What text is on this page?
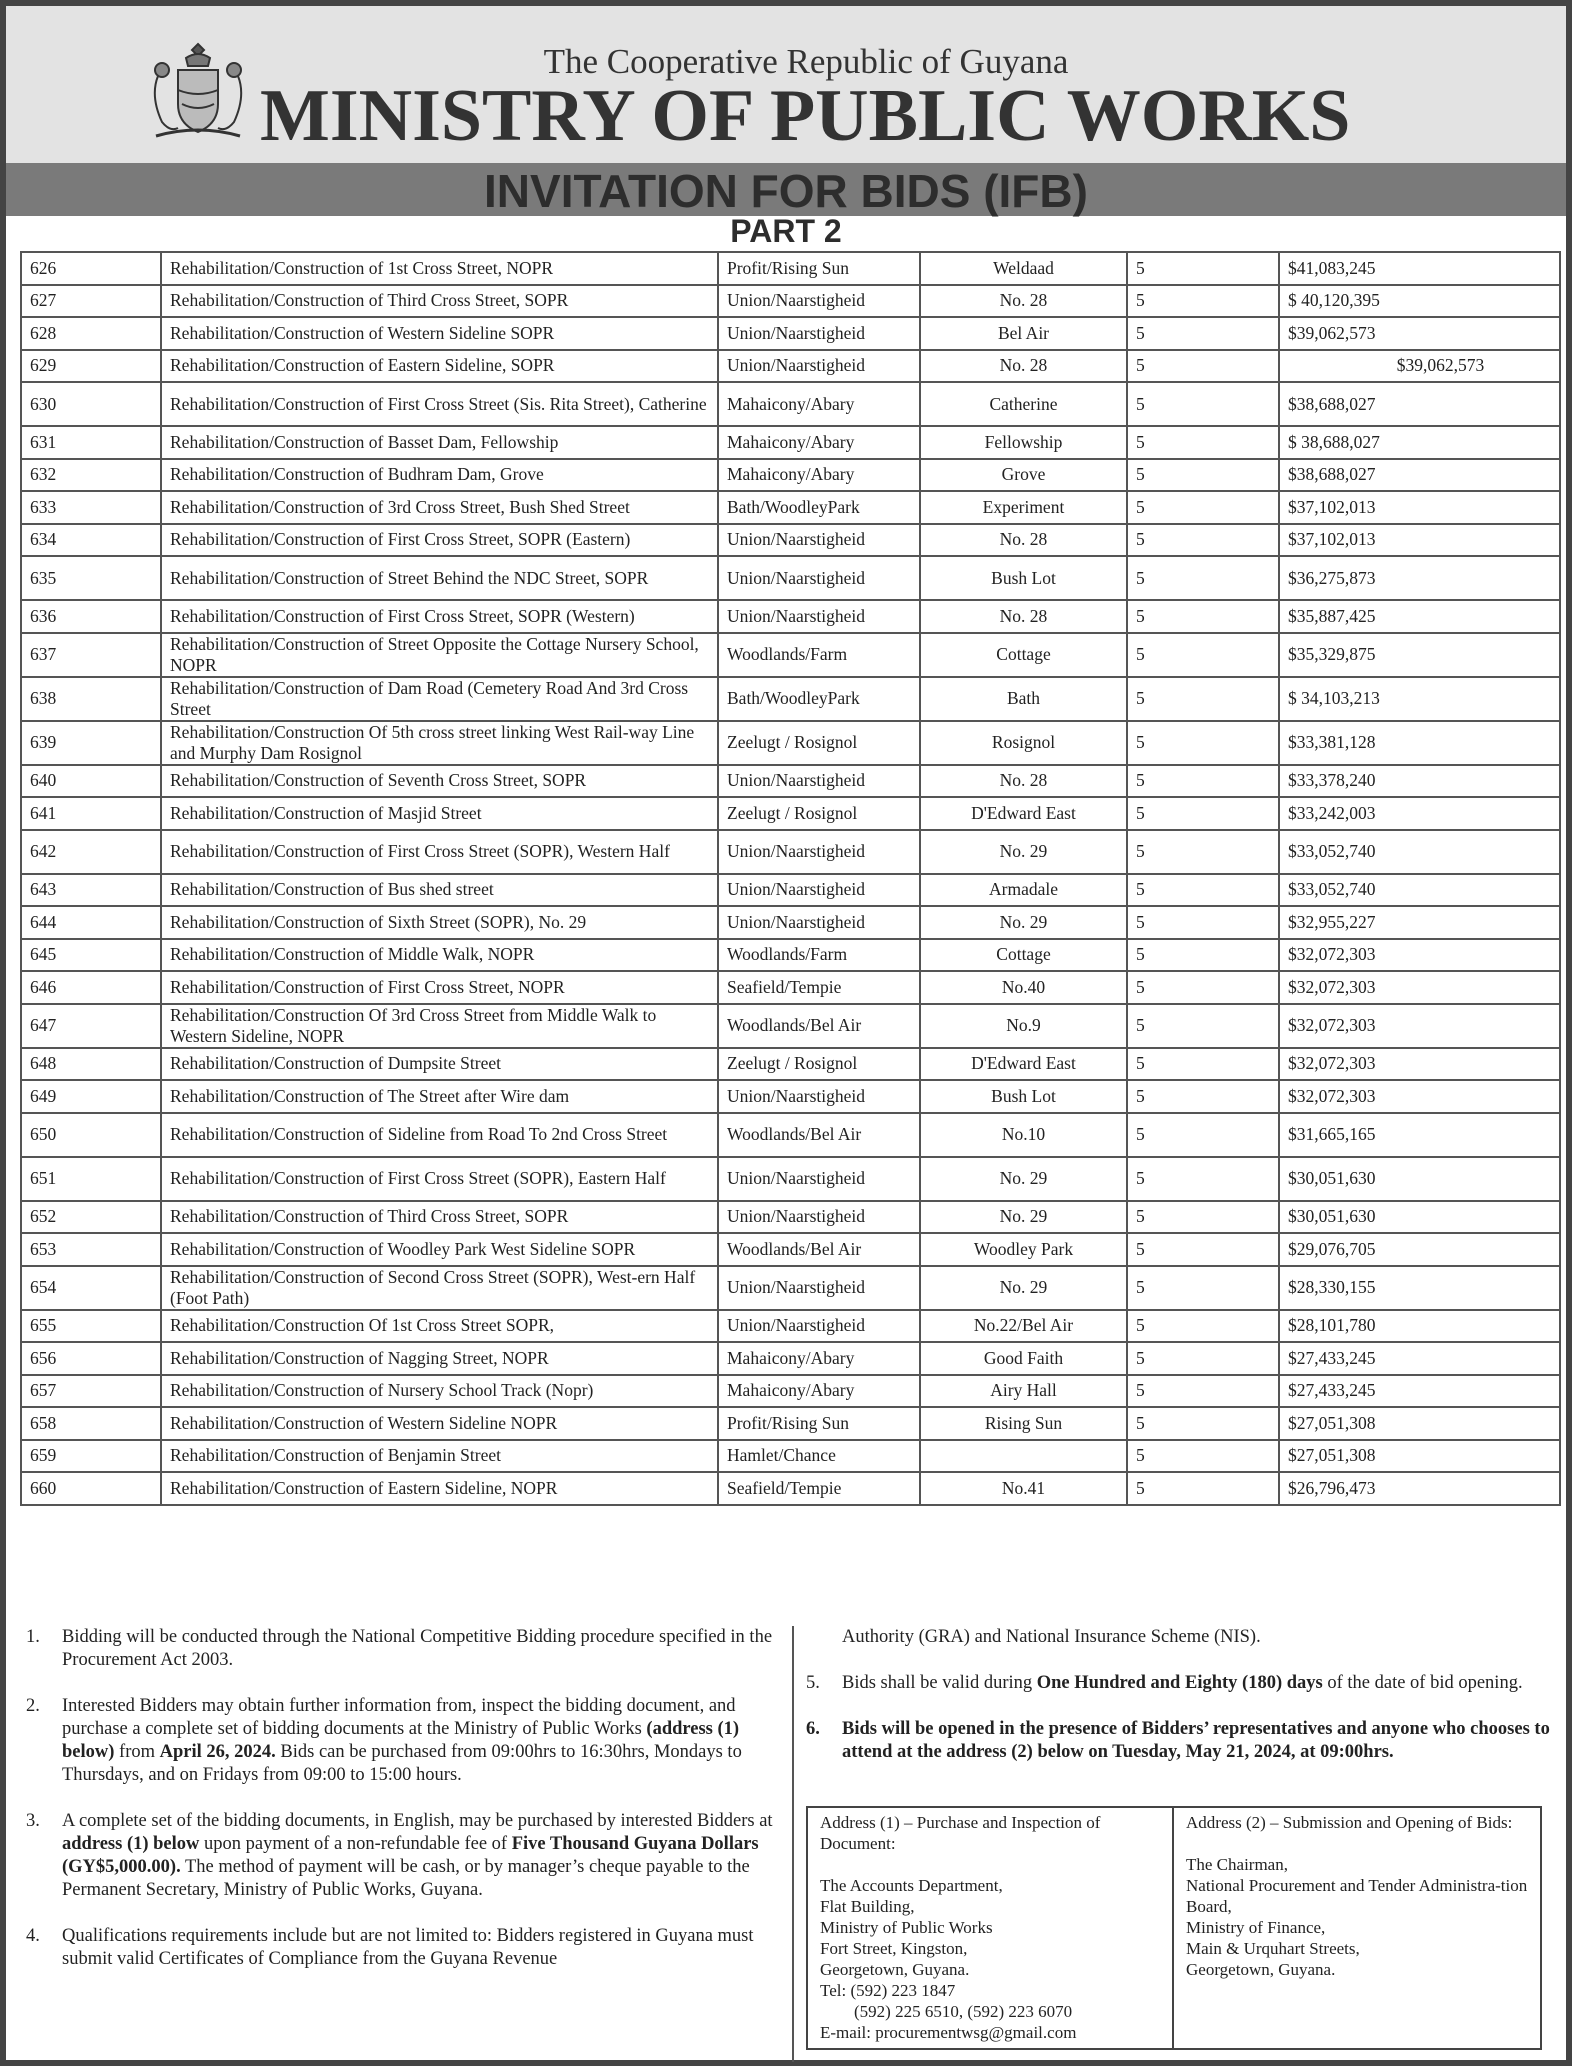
The Cooperative Republic of Guyana
MINISTRY OF PUBLIC WORKS
INVITATION FOR BIDS (IFB)
PART 2
626	Rehabilitation/Construction of 1st Cross Street, NOPR	Profit/Rising Sun	Weldaad	5	$41,083,245
627	Rehabilitation/Construction of Third Cross Street, SOPR	Union/Naarstigheid	No. 28	5	$ 40,120,395
628	Rehabilitation/Construction of Western Sideline SOPR	Union/Naarstigheid	Bel Air	5	$39,062,573
629	Rehabilitation/Construction of Eastern Sideline, SOPR	Union/Naarstigheid	No. 28	5	$39,062,573
630	Rehabilitation/Construction of First Cross Street (Sis. Rita Street), Catherine	Mahaicony/Abary	Catherine	5	$38,688,027
631	Rehabilitation/Construction of Basset Dam, Fellowship	Mahaicony/Abary	Fellowship	5	$ 38,688,027
632	Rehabilitation/Construction of Budhram Dam, Grove	Mahaicony/Abary	Grove	5	$38,688,027
633	Rehabilitation/Construction of 3rd Cross Street, Bush Shed Street	Bath/WoodleyPark	Experiment	5	$37,102,013
634	Rehabilitation/Construction of First Cross Street, SOPR (Eastern)	Union/Naarstigheid	No. 28	5	$37,102,013
635	Rehabilitation/Construction of Street Behind the NDC Street, SOPR	Union/Naarstigheid	Bush Lot	5	$36,275,873
636	Rehabilitation/Construction of First Cross Street, SOPR (Western)	Union/Naarstigheid	No. 28	5	$35,887,425
637	Rehabilitation/Construction of Street Opposite the Cottage Nursery School, NOPR	Woodlands/Farm	Cottage	5	$35,329,875
638	Rehabilitation/Construction of Dam Road (Cemetery Road And 3rd Cross Street	Bath/WoodleyPark	Bath	5	$ 34,103,213
639	Rehabilitation/Construction Of 5th cross street linking West Rail-way Line and Murphy Dam Rosignol	Zeelugt / Rosignol	Rosignol	5	$33,381,128
640	Rehabilitation/Construction of Seventh Cross Street, SOPR	Union/Naarstigheid	No. 28	5	$33,378,240
641	Rehabilitation/Construction of Masjid Street	Zeelugt / Rosignol	D'Edward East	5	$33,242,003
642	Rehabilitation/Construction of First Cross Street (SOPR), Western Half	Union/Naarstigheid	No. 29	5	$33,052,740
643	Rehabilitation/Construction of Bus shed street	Union/Naarstigheid	Armadale	5	$33,052,740
644	Rehabilitation/Construction of Sixth Street (SOPR), No. 29	Union/Naarstigheid	No. 29	5	$32,955,227
645	Rehabilitation/Construction of Middle Walk, NOPR	Woodlands/Farm	Cottage	5	$32,072,303
646	Rehabilitation/Construction of First Cross Street, NOPR	Seafield/Tempie	No.40	5	$32,072,303
647	Rehabilitation/Construction Of 3rd Cross Street from Middle Walk to Western Sideline, NOPR	Woodlands/Bel Air	No.9	5	$32,072,303
648	Rehabilitation/Construction of Dumpsite Street	Zeelugt / Rosignol	D'Edward East	5	$32,072,303
649	Rehabilitation/Construction of The Street after Wire dam	Union/Naarstigheid	Bush Lot	5	$32,072,303
650	Rehabilitation/Construction of Sideline from Road To 2nd Cross Street	Woodlands/Bel Air	No.10	5	$31,665,165
651	Rehabilitation/Construction of First Cross Street (SOPR), Eastern Half	Union/Naarstigheid	No. 29	5	$30,051,630
652	Rehabilitation/Construction of Third Cross Street, SOPR	Union/Naarstigheid	No. 29	5	$30,051,630
653	Rehabilitation/Construction of Woodley Park West Sideline SOPR	Woodlands/Bel Air	Woodley Park	5	$29,076,705
654	Rehabilitation/Construction of Second Cross Street (SOPR), West-ern Half (Foot Path)	Union/Naarstigheid	No. 29	5	$28,330,155
655	Rehabilitation/Construction Of 1st Cross Street SOPR,	Union/Naarstigheid	No.22/Bel Air	5	$28,101,780
656	Rehabilitation/Construction of Nagging Street, NOPR	Mahaicony/Abary	Good Faith	5	$27,433,245
657	Rehabilitation/Construction of Nursery School Track (Nopr)	Mahaicony/Abary	Airy Hall	5	$27,433,245
658	Rehabilitation/Construction of Western Sideline NOPR	Profit/Rising Sun	Rising Sun	5	$27,051,308
659	Rehabilitation/Construction of Benjamin Street	Hamlet/Chance		5	$27,051,308
660	Rehabilitation/Construction of Eastern Sideline, NOPR	Seafield/Tempie	No.41	5	$26,796,473

1. Bidding will be conducted through the National Competitive Bidding procedure specified in the Procurement Act 2003.

2. Interested Bidders may obtain further information from, inspect the bidding document, and purchase a complete set of bidding documents at the Ministry of Public Works (address (1) below) from April 26, 2024. Bids can be purchased from 09:00hrs to 16:30hrs, Mondays to Thursdays, and on Fridays from 09:00 to 15:00 hours.

3. A complete set of the bidding documents, in English, may be purchased by interested Bidders at address (1) below upon payment of a non-refundable fee of Five Thousand Guyana Dollars (GY$5,000.00). The method of payment will be cash, or by manager’s cheque payable to the Permanent Secretary, Ministry of Public Works, Guyana.

4. Qualifications requirements include but are not limited to: Bidders registered in Guyana must submit valid Certificates of Compliance from the Guyana Revenue

Authority (GRA) and National Insurance Scheme (NIS).

5. Bids shall be valid during One Hundred and Eighty (180) days of the date of bid opening.

6. Bids will be opened in the presence of Bidders’ representatives and anyone who chooses to attend at the address (2) below on Tuesday, May 21, 2024, at 09:00hrs.

Address (1) – Purchase and Inspection of Document:

The Accounts Department,

Flat Building,

Ministry of Public Works

Fort Street, Kingston,

Georgetown, Guyana.

Tel: (592) 223 1847

(592) 225 6510, (592) 223 6070

E-mail: procurementwsg@gmail.com

Address (2) – Submission and Opening of Bids:

The Chairman,

National Procurement and Tender Administra-tion Board,

Ministry of Finance,

Main & Urquhart Streets,

Georgetown, Guyana.
